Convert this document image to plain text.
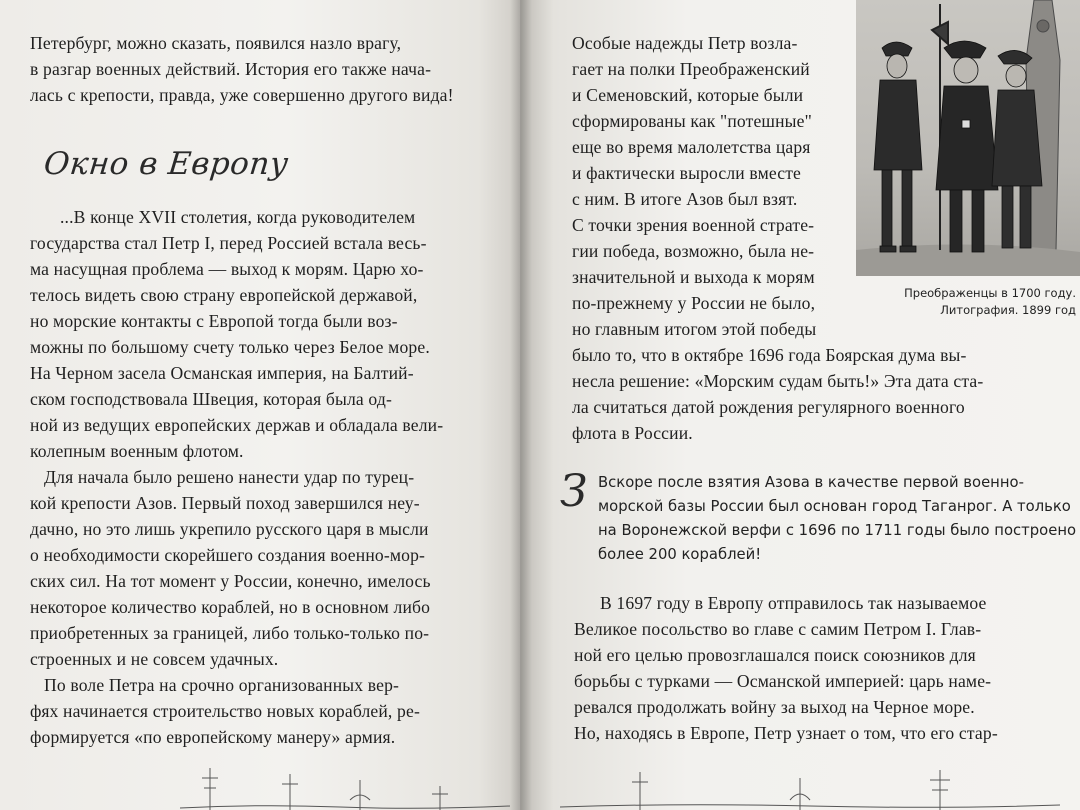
Петербург, можно сказать, появился назло врагу,
в разгар военных действий. История его также нача-
лась с крепости, правда, уже совершенно другого вида!
Окно в Европу
...В конце XVII столетия, когда руководителем
государства стал Петр I, перед Россией встала весь-
ма насущная проблема — выход к морям. Царю хо-
телось видеть свою страну европейской державой,
но морские контакты с Европой тогда были воз-
можны по большому счету только через Белое море.
На Черном засела Османская империя, на Балтий-
ском господствовала Швеция, которая была од-
ной из ведущих европейских держав и обладала вели-
колепным военным флотом.
Для начала было решено нанести удар по турец-
кой крепости Азов. Первый поход завершился неу-
дачно, но это лишь укрепило русского царя в мысли
о необходимости скорейшего создания военно-мор-
ских сил. На тот момент у России, конечно, имелось
некоторое количество кораблей, но в основном либо
приобретенных за границей, либо только-только по-
строенных и не совсем удачных.
По воле Петра на срочно организованных вер-
фях начинается строительство новых кораблей, ре-
формируется «по европейскому манеру» армия.
Преображенцы в 1700 году.
Литография. 1899 год
Особые надежды Петр возла-
гает на полки Преображенский
и Семеновский, которые были
сформированы как "потешные"
еще во время малолетства царя
и фактически выросли вместе
с ним. В итоге Азов был взят.
С точки зрения военной страте-
гии победа, возможно, была не-
значительной и выхода к морям
по-прежнему у России не было,
но главным итогом этой победы
было то, что в октябре 1696 года Боярская дума вы-
несла решение: «Морским судам быть!» Эта дата ста-
ла считаться датой рождения регулярного военного
флота в России.
З Вскоре после взятия Азова в качестве первой военно-
морской базы России был основан город Таганрог. А только
на Воронежской верфи с 1696 по 1711 годы было построено
более 200 кораблей!
В 1697 году в Европу отправилось так называемое
Великое посольство во главе с самим Петром I. Глав-
ной его целью провозглашался поиск союзников для
борьбы с турками — Османской империей: царь наме-
ревался продолжать войну за выход на Черное море.
Но, находясь в Европе, Петр узнает о том, что его стар-
